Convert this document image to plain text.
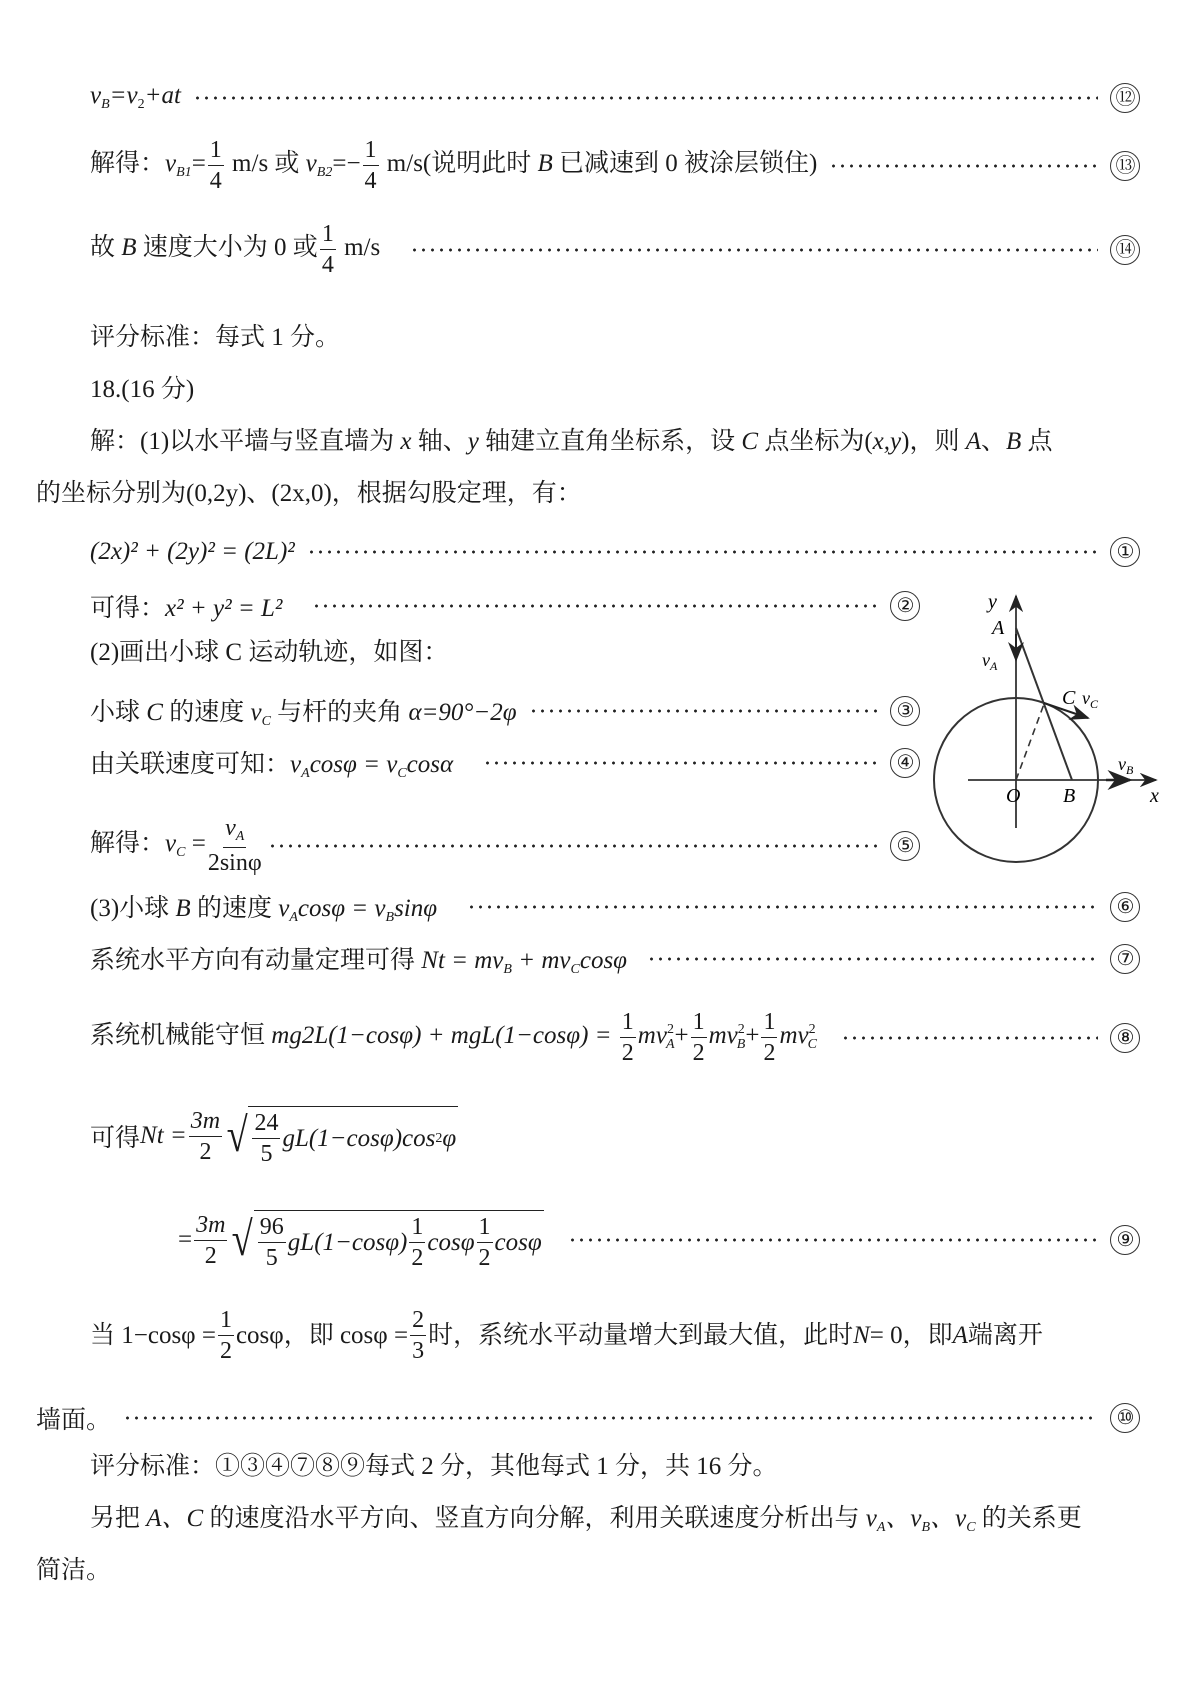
$v_B=v_2+at$	⑫
解得：$v_{B1}= \frac{1}{4} m/s$ 或 $v_{B2}=- \frac{1}{4} m/s$(说明此时 B 已减速到 0 被涂层锁住)	⑬
故 B 速度大小为 0 或 $\frac{1}{4} m/s$	⑭
评分标准：每式 1 分。
18.(16 分)
解：(1)以水平墙与竖直墙为 x 轴、y 轴建立直角坐标系，设 C 点坐标为(x,y)，则 A、B 点
的坐标分别为(0,2y)、(2x,0)，根据勾股定理，有：
(2x)² + (2y)² = (2L)²	①
可得：x² + y² = L²	②
(2)画出小球 C 运动轨迹，如图：
小球 C 的速度 $v_C$ 与杆的夹角 α=90°−2φ	③
由关联速度可知：$v_A\cos\varphi = v_C\cos\alpha$	④
解得：$v_C = \frac{v_A}{2\sin\varphi}$	⑤
y
A
$v_A$
C $v_C$
O B
$v_B$
x
(3)小球 B 的速度 $v_A\cos\varphi = v_B\sin\varphi$	⑥
系统水平方向有动量定理可得 $Nt = mv_B + mv_C\cos\varphi$	⑦
系统机械能守恒 $mg2L(1-\cos\varphi) + mgL(1-\cos\varphi) = \frac{1}{2} mv^2_A+ \frac{1}{2} mv^2_B+ \frac{1}{2} mv^2_C$	⑧
可得 $Nt = \frac{3m}{2}$ √ $\frac{24}{5} gL(1-\cos\varphi)\cos$ 2 φ
= $\frac{3m}{2}$ √ $\frac{96}{5} gL(1-\cos\varphi) \frac{1}{2}$ cosφ $\frac{1}{2}$ cosφ	⑨
当 $1-\cos\varphi = \frac{1}{2}$ cosφ，即 $\cos\varphi = \frac{2}{3}$ 时，系统水平动量增大到最大值，此时 N = 0，即 A 端离开
墙面。	⑩
评分标准：①③④⑦⑧⑨每式 2 分，其他每式 1 分，共 16 分。
另把 A、C 的速度沿水平方向、竖直方向分解，利用关联速度分析出与 $v_A$、$v_B$、$v_C$ 的关系更
简洁。
